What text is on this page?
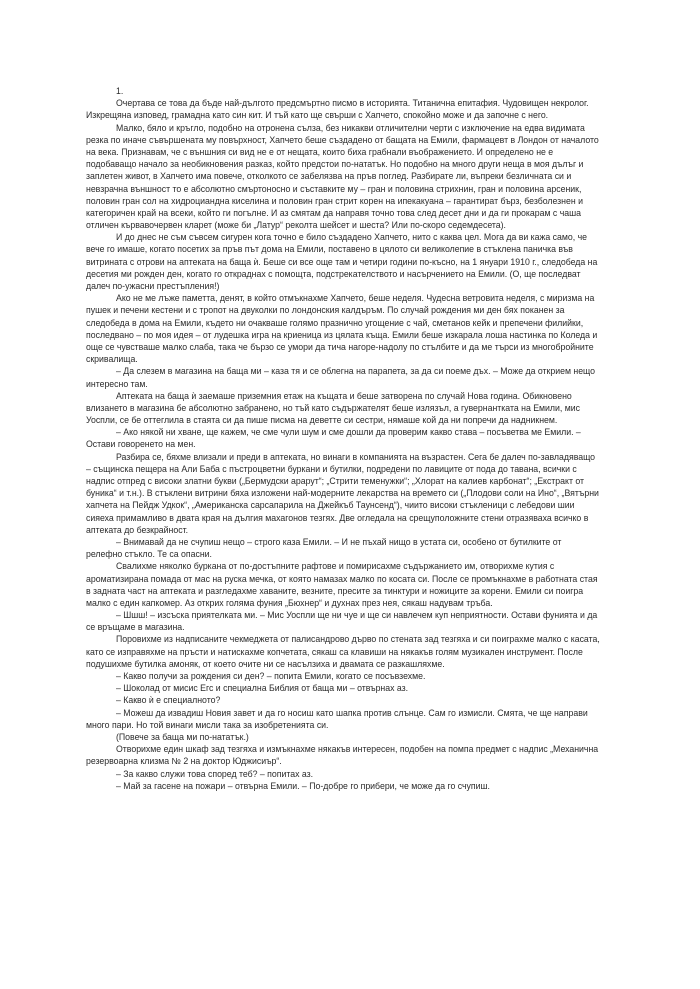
1.

Очертава се това да бъде най-дългото предсмъртно писмо в историята. Титанична епитафия. Чудовищен некролог. Изкрещяна изповед, грамадна като син кит. И тъй като ще свърши с Хапчето, спокойно може и да започне с него.

Малко, бяло и кръгло, подобно на отронена сълза, без никакви отличителни черти с изключение на едва видимата резка по иначе съвършената му повърхност, Хапчето беше създадено от бащата на Емили, фармацевт в Лондон от началото на века. Признавам, че с външния си вид не е от нещата, които биха грабнали въображението. И определено не е подобаващо начало за необикновения разказ, който предстои по-нататък. Но подобно на много други неща в моя дълъг и заплетен живот, в Хапчето има повече, отколкото се забелязва на пръв поглед. Разбирате ли, въпреки безличната си и невзрачна външност то е абсолютно смъртоносно и съставките му – гран и половина стрихнин, гран и половина арсеник, половин гран сол на хидроциандна киселина и половин гран стрит корен на ипекакуана – гарантират бърз, безболезнен и категоричен край на всеки, който ги погълне. И аз смятам да направя точно това след десет дни и да ги прокарам с чаша отличен кървавочервен кларет (може би „Латур“ реколта шейсет и шеста? Или по-скоро седемдесета).

И до днес не съм съвсем сигурен кога точно е било създадено Хапчето, нито с каква цел. Мога да ви кажа само, че вече го имаше, когато посетих за пръв път дома на Емили, поставено в цялото си великолепие в стъклена паничка във витрината с отрови на аптеката на баща ѝ. Беше си все още там и четири години по-късно, на 1 януари 1910 г., следобеда на десетия ми рожден ден, когато го откраднах с помощта, подстрекателството и насърчението на Емили. (О, ще последват далеч по-ужасни престъпления!)

Ако не ме лъже паметта, денят, в който отмъкнахме Хапчето, беше неделя. Чудесна ветровита неделя, с миризма на пушек и печени кестени и с тропот на двуколки по лондонския калдъръм. По случай рождения ми ден бях поканен за следобеда в дома на Емили, където ни очакваше голямо празнично угощение с чай, сметанов кейк и препечени филийки, последвано – по моя идея – от лудешка игра на криеница из цялата къща. Емили беше изкарала лоша настинка по Коледа и още се чувстваше малко слаба, така че бързо се умори да тича нагоре-надолу по стълбите и да ме търси из многобройните скривалища.

– Да слезем в магазина на баща ми – каза тя и се облегна на парапета, за да си поеме дъх. – Може да открием нещо интересно там.

Аптеката на баща ѝ заемаше приземния етаж на къщата и беше затворена по случай Нова година. Обикновено влизането в магазина бе абсолютно забранено, но тъй като съдържателят беше излязъл, а гувернантката на Емили, мис Уоспли, се бе оттеглила в стаята си да пише писма на деветте си сестри, нямаше кой да ни попречи да надникнем.

– Ако някой ни хване, ще кажем, че сме чули шум и сме дошли да проверим какво става – посъветва ме Емили. – Остави говоренето на мен.

Разбира се, бяхме влизали и преди в аптеката, но винаги в компанията на възрастен. Сега бе далеч по-завладяващо – същинска пещера на Али Баба с пъстроцветни буркани и бутилки, подредени по лавиците от пода до тавана, всички с надпис отпред с високи златни букви („Бермудски арарут“; „Стрити теменужки“; „Хлорат на калиев карбонат“; „Екстракт от буника“ и т.н.). В стъклени витрини бяха изложени най-модерните лекарства на времето си („Плодови соли на Ино“, „Вятърни хапчета на Пейдж Удкок“, „Американска сарсапарила на Джейкъб Таунсенд“), чиито високи стъкленици с лебедови шии сияеха примамливо в двата края на дългия махагонов тезгях. Две огледала на срещуположните стени отразяваха всичко в аптеката до безкрайност.

– Внимавай да не счупиш нещо – строго каза Емили. – И не пъхай нищо в устата си, особено от бутилките от релефно стъкло. Те са опасни.

Свалихме няколко буркана от по-достъпните рафтове и помирисахме съдържанието им, отворихме кутия с ароматизирана помада от мас на руска мечка, от която намазах малко по косата си. После се промъкнахме в работната стая в задната част на аптеката и разгледахме хаваните, везните, пресите за тинктури и ножиците за корени. Емили си поигра малко с един капкомер. Аз открих голяма фуния „Бюхнер“ и духнах през нея, сякаш надувам тръба.

– Шшш! – изсъска приятелката ми. – Мис Уоспли ще ни чуе и ще си навлечем куп неприятности. Остави фунията и да се връщаме в магазина.

Поровихме из надписаните чекмеджета от палисандрово дърво по стената зад тезгяха и си поиграхме малко с касата, като се изправяхме на пръсти и натискахме копчетата, сякаш са клавиши на някакъв голям музикален инструмент. После подушихме бутилка амоняк, от което очите ни се насълзиха и двамата се разкашляхме.

– Какво получи за рождения си ден? – попита Емили, когато се посъвзехме.

– Шоколад от мисис Егс и специална Библия от баща ми – отвърнах аз.

– Какво ѝ е специалното?

– Можеш да извадиш Новия завет и да го носиш като шапка против слънце. Сам го измисли. Смята, че ще направи много пари. Но той винаги мисли така за изобретенията си.

(Повече за баща ми по-нататък.)

Отворихме един шкаф зад тезгяха и измъкнахме някакъв интересен, подобен на помпа предмет с надпис „Механична резервоарна клизма № 2 на доктор Юджисиър“.

– За какво служи това според теб? – попитах аз.

– Май за гасене на пожари – отвърна Емили. – По-добре го прибери, че може да го счупиш.
